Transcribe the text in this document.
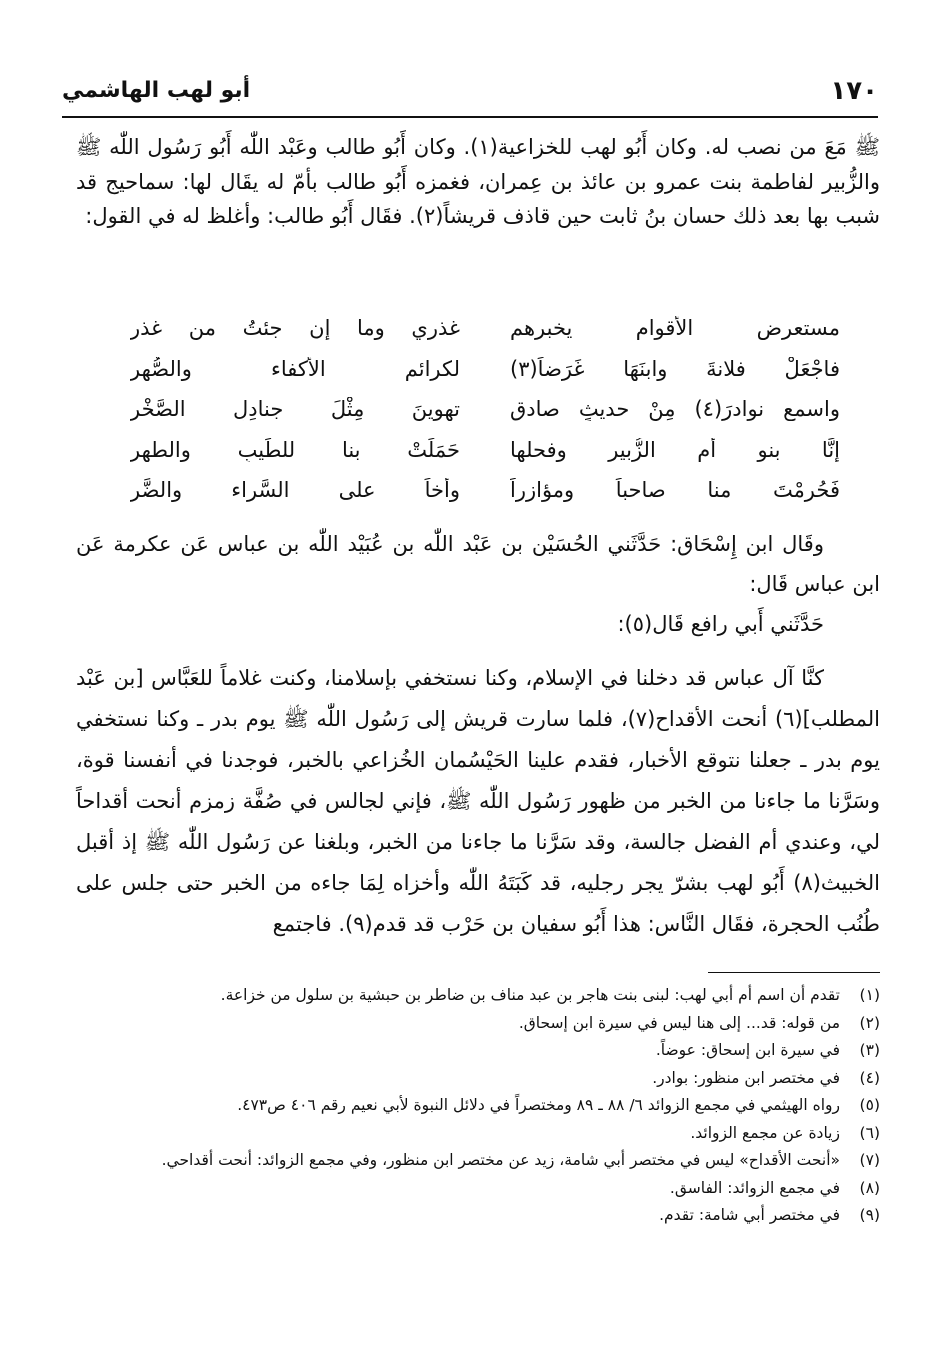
١٧٠
أبو لهب الهاشمي

ﷺ مَعَ من نصب له. وكان أَبُو لهب للخزاعية(١). وكان أَبُو طالب وعَبْد اللّٰه أَبُو رَسُول اللّٰه ﷺ والزُّبير لفاطمة بنت عمرو بن عائذ بن عِمران، فغمزه أَبُو طالب بأمّ له يقَال لها: سماحيج قد شبب بها بعد ذلك حسان بنُ ثابت حين قاذف قريشاً(٢). فقَال أَبُو طالب: وأغلظ له في القول:

مستعرض الأقوام يخبرهم
غذري وما إن جئتُ من غذر
فاجْعَلْ فلانةَ وابنَهَا غَرَضاً(٣)
لكرائم الأكفاء والصُّهر
واسمع نوادرَ(٤) مِنْ حديثٍ صادقٍ
تهوينَ مِثْلَ جنادِلِ الصَّخْر
إنَّا بنو أم الزُّبير وفحلها
حَمَلَتْ بنا للطِّيبِ والطهر
فَحُرِمْتَ منا صاحباً ومؤازراً
وأخاً على السَّراء والضَّر

وقَال ابن إِسْحَاق: حَدَّثَني الحُسَيْن بن عَبْد اللّٰه بن عُبَيْد اللّٰه بن عباس عَن عكرمة عَن ابن عباس قَال:

حَدَّثَني أَبي رافع قَال(٥):

كنَّا آل عباس قد دخلنا في الإسلام، وكنا نستخفي بإسلامنا، وكنت غلاماً للعَبَّاس [بن عَبْد المطلب](٦) أنحت الأقداح(٧)، فلما سارت قريش إلى رَسُول اللّٰه ﷺ يوم بدر ـ وكنا نستخفي يوم بدر ـ جعلنا نتوقع الأخبار، فقدم علينا الحَيْسُمان الخُزاعي بالخبر، فوجدنا في أنفسنا قوة، وسَرَّنا ما جاءنا من الخبر من ظهور رَسُول اللّٰه ﷺ، فإني لجالس في صُفَّة زمزم أنحت أقداحاً لي، وعندي أم الفضل جالسة، وقد سَرَّنا ما جاءنا من الخبر، وبلغنا عن رَسُول اللّٰه ﷺ إذ أقبل الخبيث(٨) أَبُو لهب بشرّ يجر رجليه، قد كَبَتَهُ اللّٰه وأخزاه لِمَا جاءه من الخبر حتى جلس على طُنُب الحجرة، فقَال النَّاس: هذا أَبُو سفيان بن حَرْب قد قدم(٩). فاجتمع

(١)
تقدم أن اسم أم أبي لهب: لبنى بنت هاجر بن عبد مناف بن ضاطر بن حبشية بن سلول من خزاعة.
(٢)
من قوله: قد... إلى هنا ليس في سيرة ابن إسحاق.
(٣)
في سيرة ابن إسحاق: عوضاً.
(٤)
في مختصر ابن منظور: بوادر.
(٥)
رواه الهيثمي في مجمع الزوائد ٦/ ٨٨ ـ ٨٩ ومختصراً في دلائل النبوة لأبي نعيم رقم ٤٠٦ ص٤٧٣.
(٦)
زيادة عن مجمع الزوائد.
(٧)
«أنحت الأقداح» ليس في مختصر أبي شامة، زيد عن مختصر ابن منظور، وفي مجمع الزوائد: أنحت أقداحي.
(٨)
في مجمع الزوائد: الفاسق.
(٩)
في مختصر أبي شامة: تقدم.
